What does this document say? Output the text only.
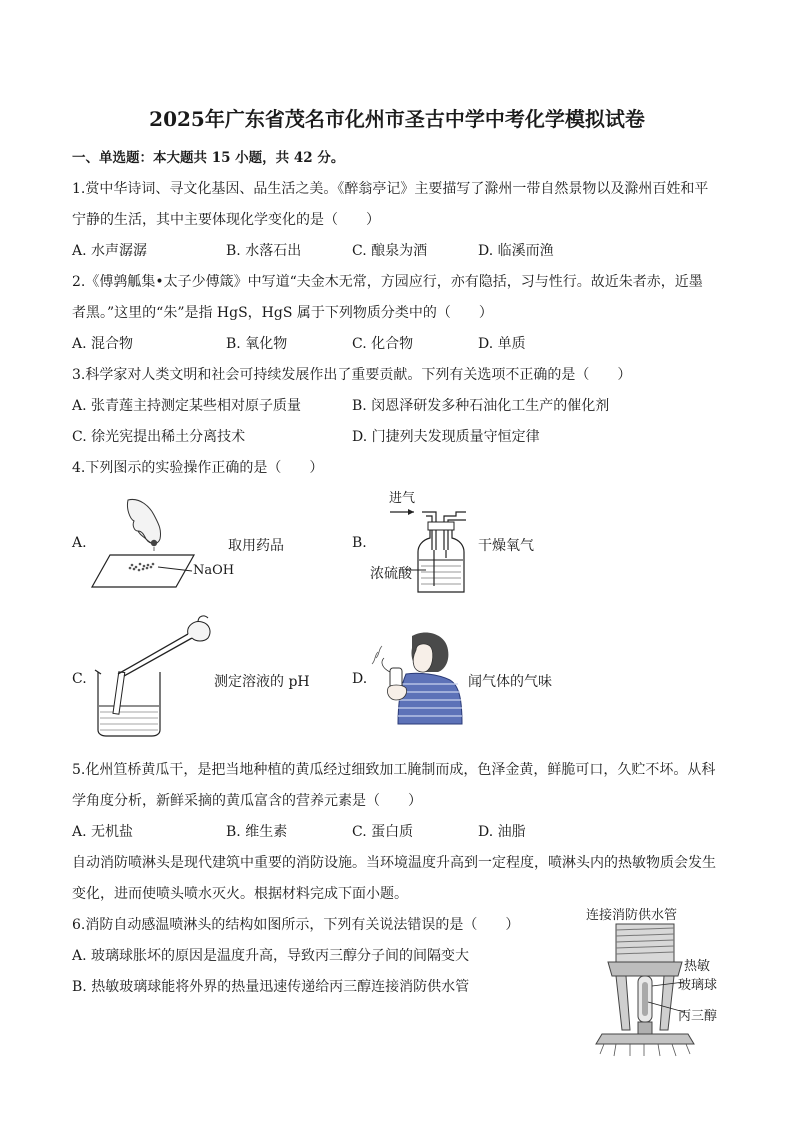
2025年广东省茂名市化州市圣古中学中考化学模拟试卷
一、单选题：本大题共 15 小题，共 42 分。
1.赏中华诗词、寻文化基因、品生活之美。《醉翁亭记》主要描写了滁州一带自然景物以及滁州百姓和平
宁静的生活，其中主要体现化学变化的是（　　）
A. 水声潺潺	B. 水落石出	C. 酿泉为酒	D. 临溪而渔
2.《傅鹑觚集•太子少傅箴》中写道“夫金木无常，方园应行，亦有隐括，习与性行。故近朱者赤，近墨
者黑。”这里的“朱”是指 HgS，HgS 属于下列物质分类中的（　　）
A. 混合物	B. 氧化物	C. 化合物	D. 单质
3.科学家对人类文明和社会可持续发展作出了重要贡献。下列有关选项不正确的是（　　）
A. 张青莲主持测定某些相对原子质量	B. 闵恩泽研发多种石油化工生产的催化剂
C. 徐光宪提出稀土分离技术	D. 门捷列夫发现质量守恒定律
4.下列图示的实验操作正确的是（　　）
A.
NaOH
取用药品	B.
进气
浓硫酸
干燥氧气
C.	测定溶液的 pH	D.	闻气体的气味
5.化州笪桥黄瓜干，是把当地种植的黄瓜经过细致加工腌制而成，色泽金黄，鲜脆可口，久贮不坏。从科
学角度分析，新鲜采摘的黄瓜富含的营养元素是（　　）
A. 无机盐	B. 维生素	C. 蛋白质	D. 油脂
自动消防喷淋头是现代建筑中重要的消防设施。当环境温度升高到一定程度，喷淋头内的热敏物质会发生
变化，进而使喷头喷水灭火。根据材料完成下面小题。
6.消防自动感温喷淋头的结构如图所示，下列有关说法错误的是（　　）
A. 玻璃球胀坏的原因是温度升高，导致丙三醇分子间的间隔变大
B. 热敏玻璃球能将外界的热量迅速传递给丙三醇连接消防供水管
连接消防供水管
热敏
玻璃球
丙三醇
